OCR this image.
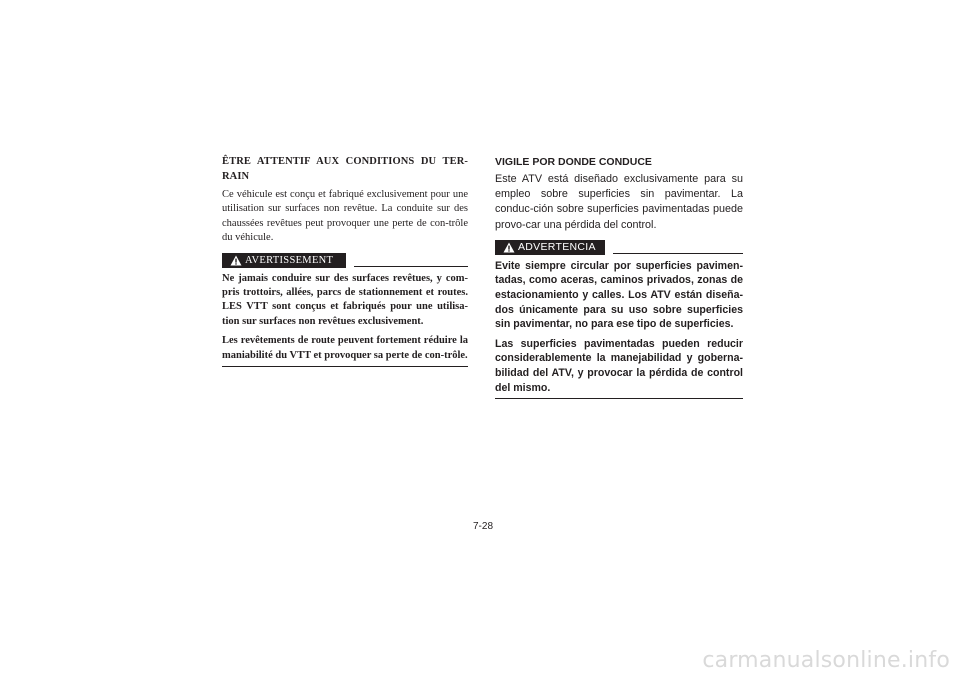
ÊTRE ATTENTIF AUX CONDITIONS DU TER-RAIN

Ce véhicule est conçu et fabriqué exclusivement pour une utilisation sur surfaces non revêtue. La conduite sur des chaussées revêtues peut provoquer une perte de con-trôle du véhicule.

AVERTISSEMENT

Ne jamais conduire sur des surfaces revêtues, y com-pris trottoirs, allées, parcs de stationnement et routes. LES VTT sont conçus et fabriqués pour une utilisa-tion sur surfaces non revêtues exclusivement.

Les revêtements de route peuvent fortement réduire la maniabilité du VTT et provoquer sa perte de con-trôle.

VIGILE POR DONDE CONDUCE

Este ATV está diseñado exclusivamente para su empleo sobre superficies sin pavimentar. La conduc-ción sobre superficies pavimentadas puede provo-car una pérdida del control.

ADVERTENCIA

Evite siempre circular por superficies pavimen-tadas, como aceras, caminos privados, zonas de estacionamiento y calles. Los ATV están diseña-dos únicamente para su uso sobre superficies sin pavimentar, no para ese tipo de superficies.

Las superficies pavimentadas pueden reducir considerablemente la manejabilidad y goberna-bilidad del ATV, y provocar la pérdida de control del mismo.

7-28
carmanualsonline.info
